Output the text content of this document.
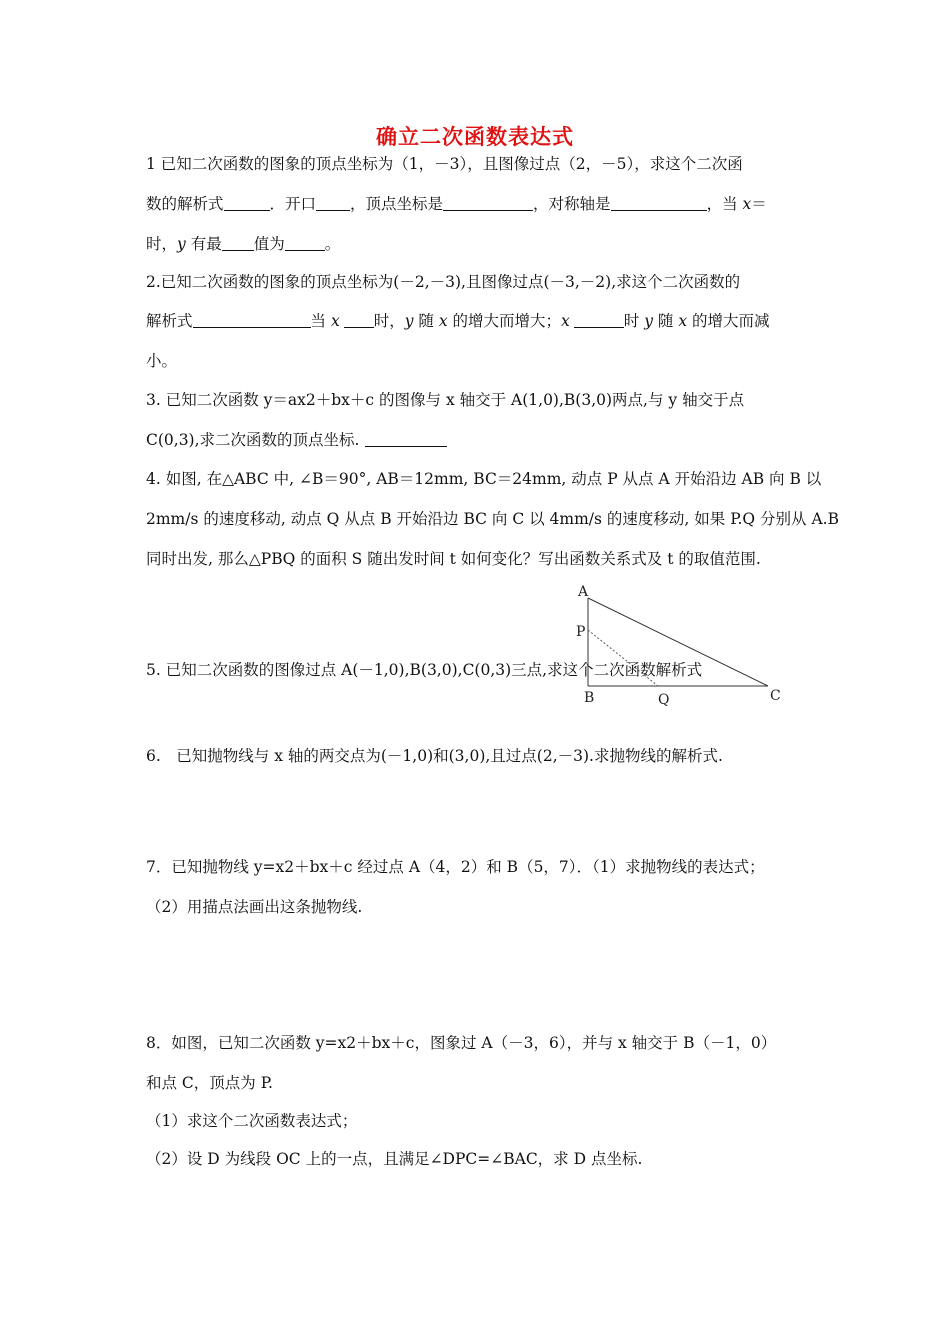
确立二次函数表达式
1 已知二次函数的图象的顶点坐标为（1，－3），且图像过点（2，－5），求这个二次函
数的解析式	．开口 ，顶点坐标是	，对称轴是	，当 x＝
时，y 有最 值为	。
2.已知二次函数的图象的顶点坐标为(－2,－3),且图像过点(－3,－2),求这个二次函数的
解析式	当 x 时，y 随 x 的增大而增大；x	时 y 随 x 的增大而减
小。
3. 已知二次函数 y＝ax2＋bx＋c 的图像与 x 轴交于 A(1,0),B(3,0)两点,与 y 轴交于点
C(0,3),求二次函数的顶点坐标.
4. 如图, 在△ABC 中, ∠B＝90°, AB＝12mm, BC＝24mm, 动点 P 从点 A 开始沿边 AB 向 B 以
2mm/s 的速度移动, 动点 Q 从点 B 开始沿边 BC 向 C 以 4mm/s 的速度移动, 如果 P.Q 分别从 A.B
同时出发, 那么△PBQ 的面积 S 随出发时间 t 如何变化？写出函数关系式及 t 的取值范围.
A
P
B	Q	C
5. 已知二次函数的图像过点 A(－1,0),B(3,0),C(0,3)三点,求这个二次函数解析式
6.　已知抛物线与 x 轴的两交点为(－1,0)和(3,0),且过点(2,－3).求抛物线的解析式.
7．已知抛物线 y=x2＋bx＋c 经过点 A（4，2）和 B（5，7）．（1）求抛物线的表达式；
（2）用描点法画出这条抛物线.
8．如图，已知二次函数 y=x2＋bx＋c，图象过 A（－3，6），并与 x 轴交于 B（－1，0）
和点 C，顶点为 P.
（1）求这个二次函数表达式；
（2）设 D 为线段 OC 上的一点，且满足∠DPC=∠BAC，求 D 点坐标.
